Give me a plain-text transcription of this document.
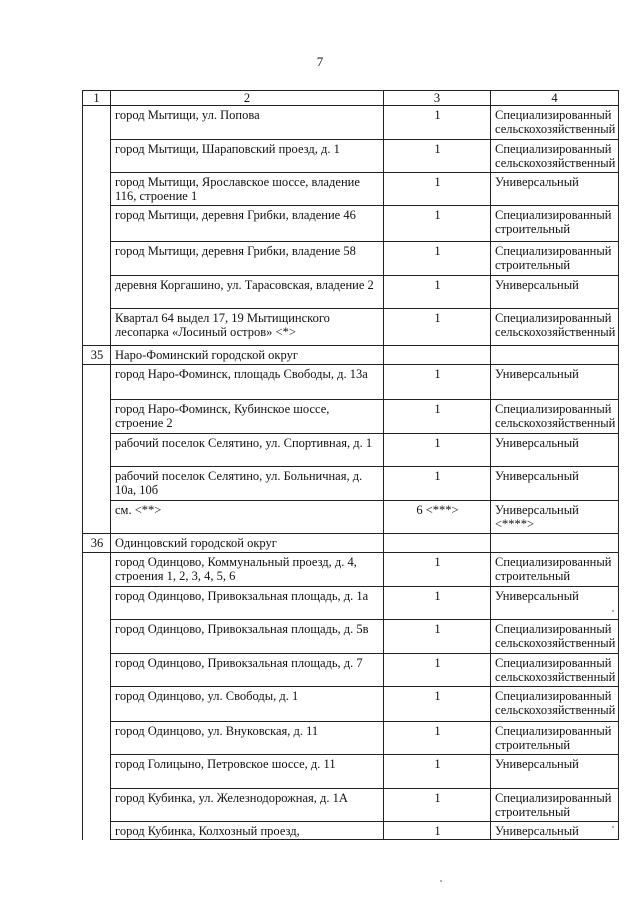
7
1	2	3	4
	город Мытищи, ул. Попова	1	Специализированный сельскохозяйственный
	город Мытищи, Шараповский проезд, д. 1	1	Специализированный сельскохозяйственный
	город Мытищи, Ярославское шоссе, владение 116, строение 1	1	Универсальный
	город Мытищи, деревня Грибки, владение 46	1	Специализированный строительный
	город Мытищи, деревня Грибки, владение 58	1	Специализированный строительный
	деревня Коргашино, ул. Тарасовская, владение 2	1	Универсальный
	Квартал 64 выдел 17, 19 Мытищинского лесопарка «Лосиный остров» <*>	1	Специализированный сельскохозяйственный
35	Наро-Фоминский городской округ		
	город Наро-Фоминск, площадь Свободы, д. 13а	1	Универсальный
	город Наро-Фоминск, Кубинское шоссе, строение 2	1	Специализированный сельскохозяйственный
	рабочий поселок Селятино, ул. Спортивная, д. 1	1	Универсальный
	рабочий поселок Селятино, ул. Больничная, д. 10а, 10б	1	Универсальный
	см. <**>	6 <***>	Универсальный <****>
36	Одинцовский городской округ		
	город Одинцово, Коммунальный проезд, д. 4, строения 1, 2, 3, 4, 5, 6	1	Специализированный строительный
	город Одинцово, Привокзальная площадь, д. 1а	1	Универсальный
	город Одинцово, Привокзальная площадь, д. 5в	1	Специализированный сельскохозяйственный
	город Одинцово, Привокзальная площадь, д. 7	1	Специализированный сельскохозяйственный
	город Одинцово, ул. Свободы, д. 1	1	Специализированный сельскохозяйственный
	город Одинцово, ул. Внуковская, д. 11	1	Специализированный строительный
	город Голицыно, Петровское шоссе, д. 11	1	Универсальный
	город Кубинка, ул. Железнодорожная, д. 1А	1	Специализированный строительный
	город Кубинка, Колхозный проезд,	1	Универсальный
